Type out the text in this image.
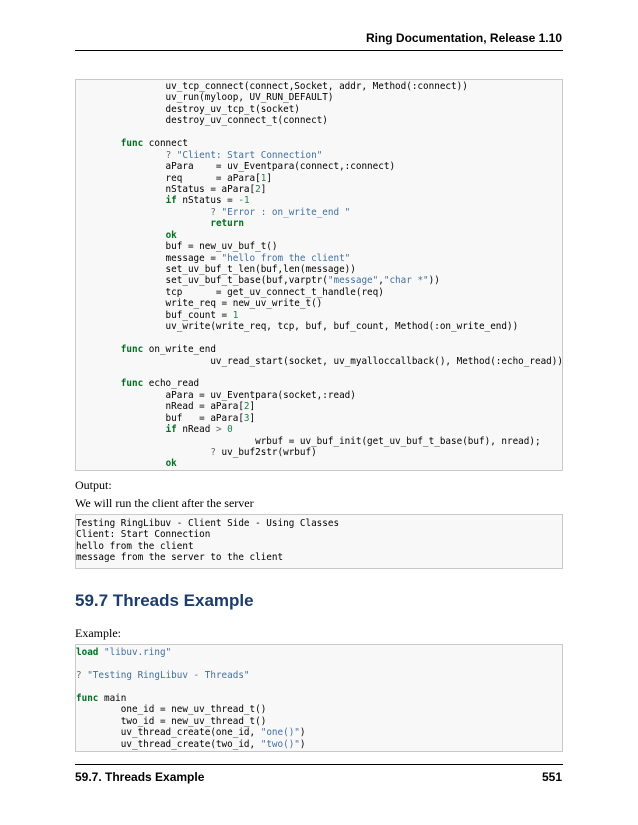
Ring Documentation, Release 1.10
uv_tcp_connect(connect,Socket, addr, Method(:connect))
uv_run(myloop, UV_RUN_DEFAULT)
destroy_uv_tcp_t(socket)
destroy_uv_connect_t(connect)
func connect
? "Client: Start Connection"
aPara    = uv_Eventpara(connect,:connect)
req      = aPara[1]
nStatus = aPara[2]
if nStatus = -1
? "Error : on_write_end "
return
ok
buf = new_uv_buf_t()
message = "hello from the client"
set_uv_buf_t_len(buf,len(message))
set_uv_buf_t_base(buf,varptr("message","char *"))
tcp      = get_uv_connect_t_handle(req)
write_req = new_uv_write_t()
buf_count = 1
uv_write(write_req, tcp, buf, buf_count, Method(:on_write_end))
func on_write_end
uv_read_start(socket, uv_myalloccallback(), Method(:echo_read))
func echo_read
aPara = uv_Eventpara(socket,:read)
nRead = aPara[2]
buf   = aPara[3]
if nRead > 0
wrbuf = uv_buf_init(get_uv_buf_t_base(buf), nread);
? uv_buf2str(wrbuf)
ok
Output:
We will run the client after the server
Testing RingLibuv - Client Side - Using Classes
Client: Start Connection
hello from the client
message from the server to the client
59.7 Threads Example
Example:
load "libuv.ring"
? "Testing RingLibuv - Threads"
func main
one_id = new_uv_thread_t()
two_id = new_uv_thread_t()
uv_thread_create(one_id, "one()")
uv_thread_create(two_id, "two()")
59.7. Threads Example	551
